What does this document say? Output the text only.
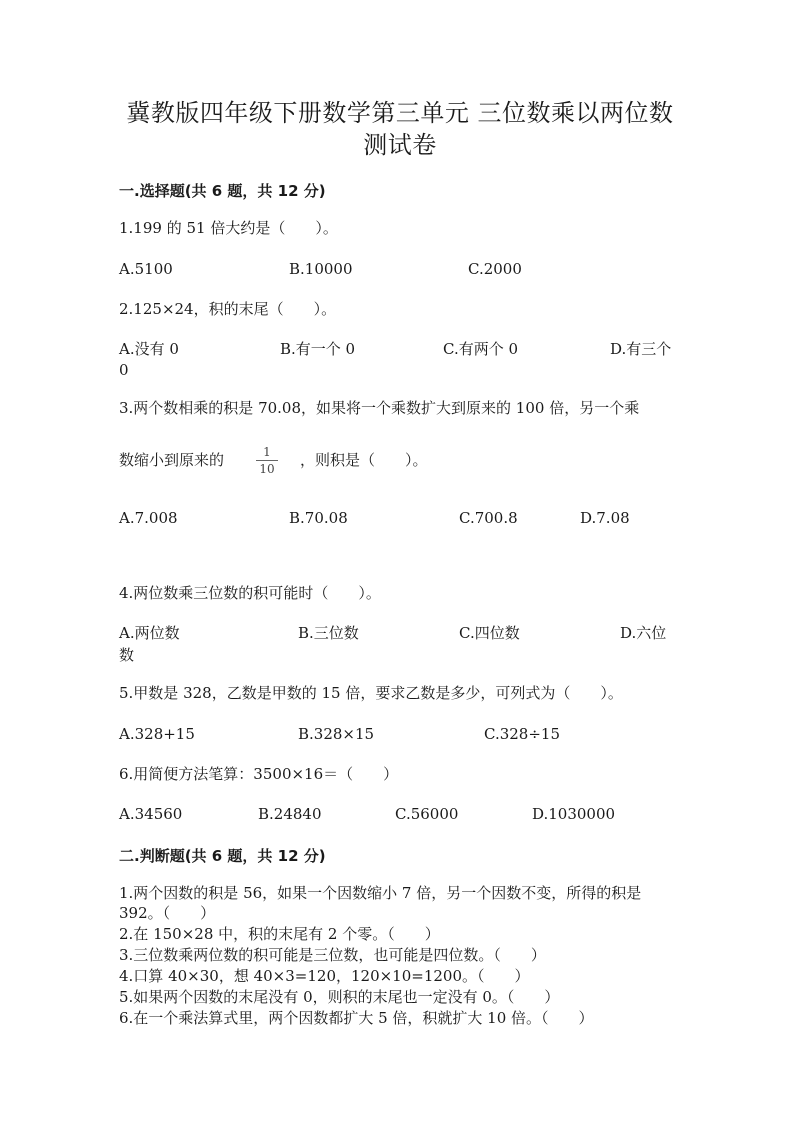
冀教版四年级下册数学第三单元 三位数乘以两位数
测试卷
一.选择题(共 6 题，共 12 分)
1.199 的 51 倍大约是（　　）。
A.5100	B.10000	C.2000
2.125×24，积的末尾（　　）。
A.没有 0	B.有一个 0	C.有两个 0	D.有三个
0
3.两个数相乘的积是 70.08，如果将一个乘数扩大到原来的 100 倍，另一个乘
数缩小到原来的	1
10 ，则积是（　　）。
A.7.008	B.70.08	C.700.8	D.7.08
4.两位数乘三位数的积可能时（　　）。
A.两位数	B.三位数	C.四位数	D.六位
数
5.甲数是 328，乙数是甲数的 15 倍，要求乙数是多少，可列式为（　　）。
A.328+15	B.328×15	C.328÷15
6.用简便方法笔算：3500×16＝（　　）
A.34560	B.24840	C.56000	D.1030000
二.判断题(共 6 题，共 12 分)
1.两个因数的积是 56，如果一个因数缩小 7 倍，另一个因数不变，所得的积是
392。（　　）
2.在 150×28 中，积的末尾有 2 个零。（　　）
3.三位数乘两位数的积可能是三位数，也可能是四位数。（　　）
4.口算 40×30，想 40×3=120，120×10=1200。（　　）
5.如果两个因数的末尾没有 0，则积的末尾也一定没有 0。（　　）
6.在一个乘法算式里，两个因数都扩大 5 倍，积就扩大 10 倍。（　　）
